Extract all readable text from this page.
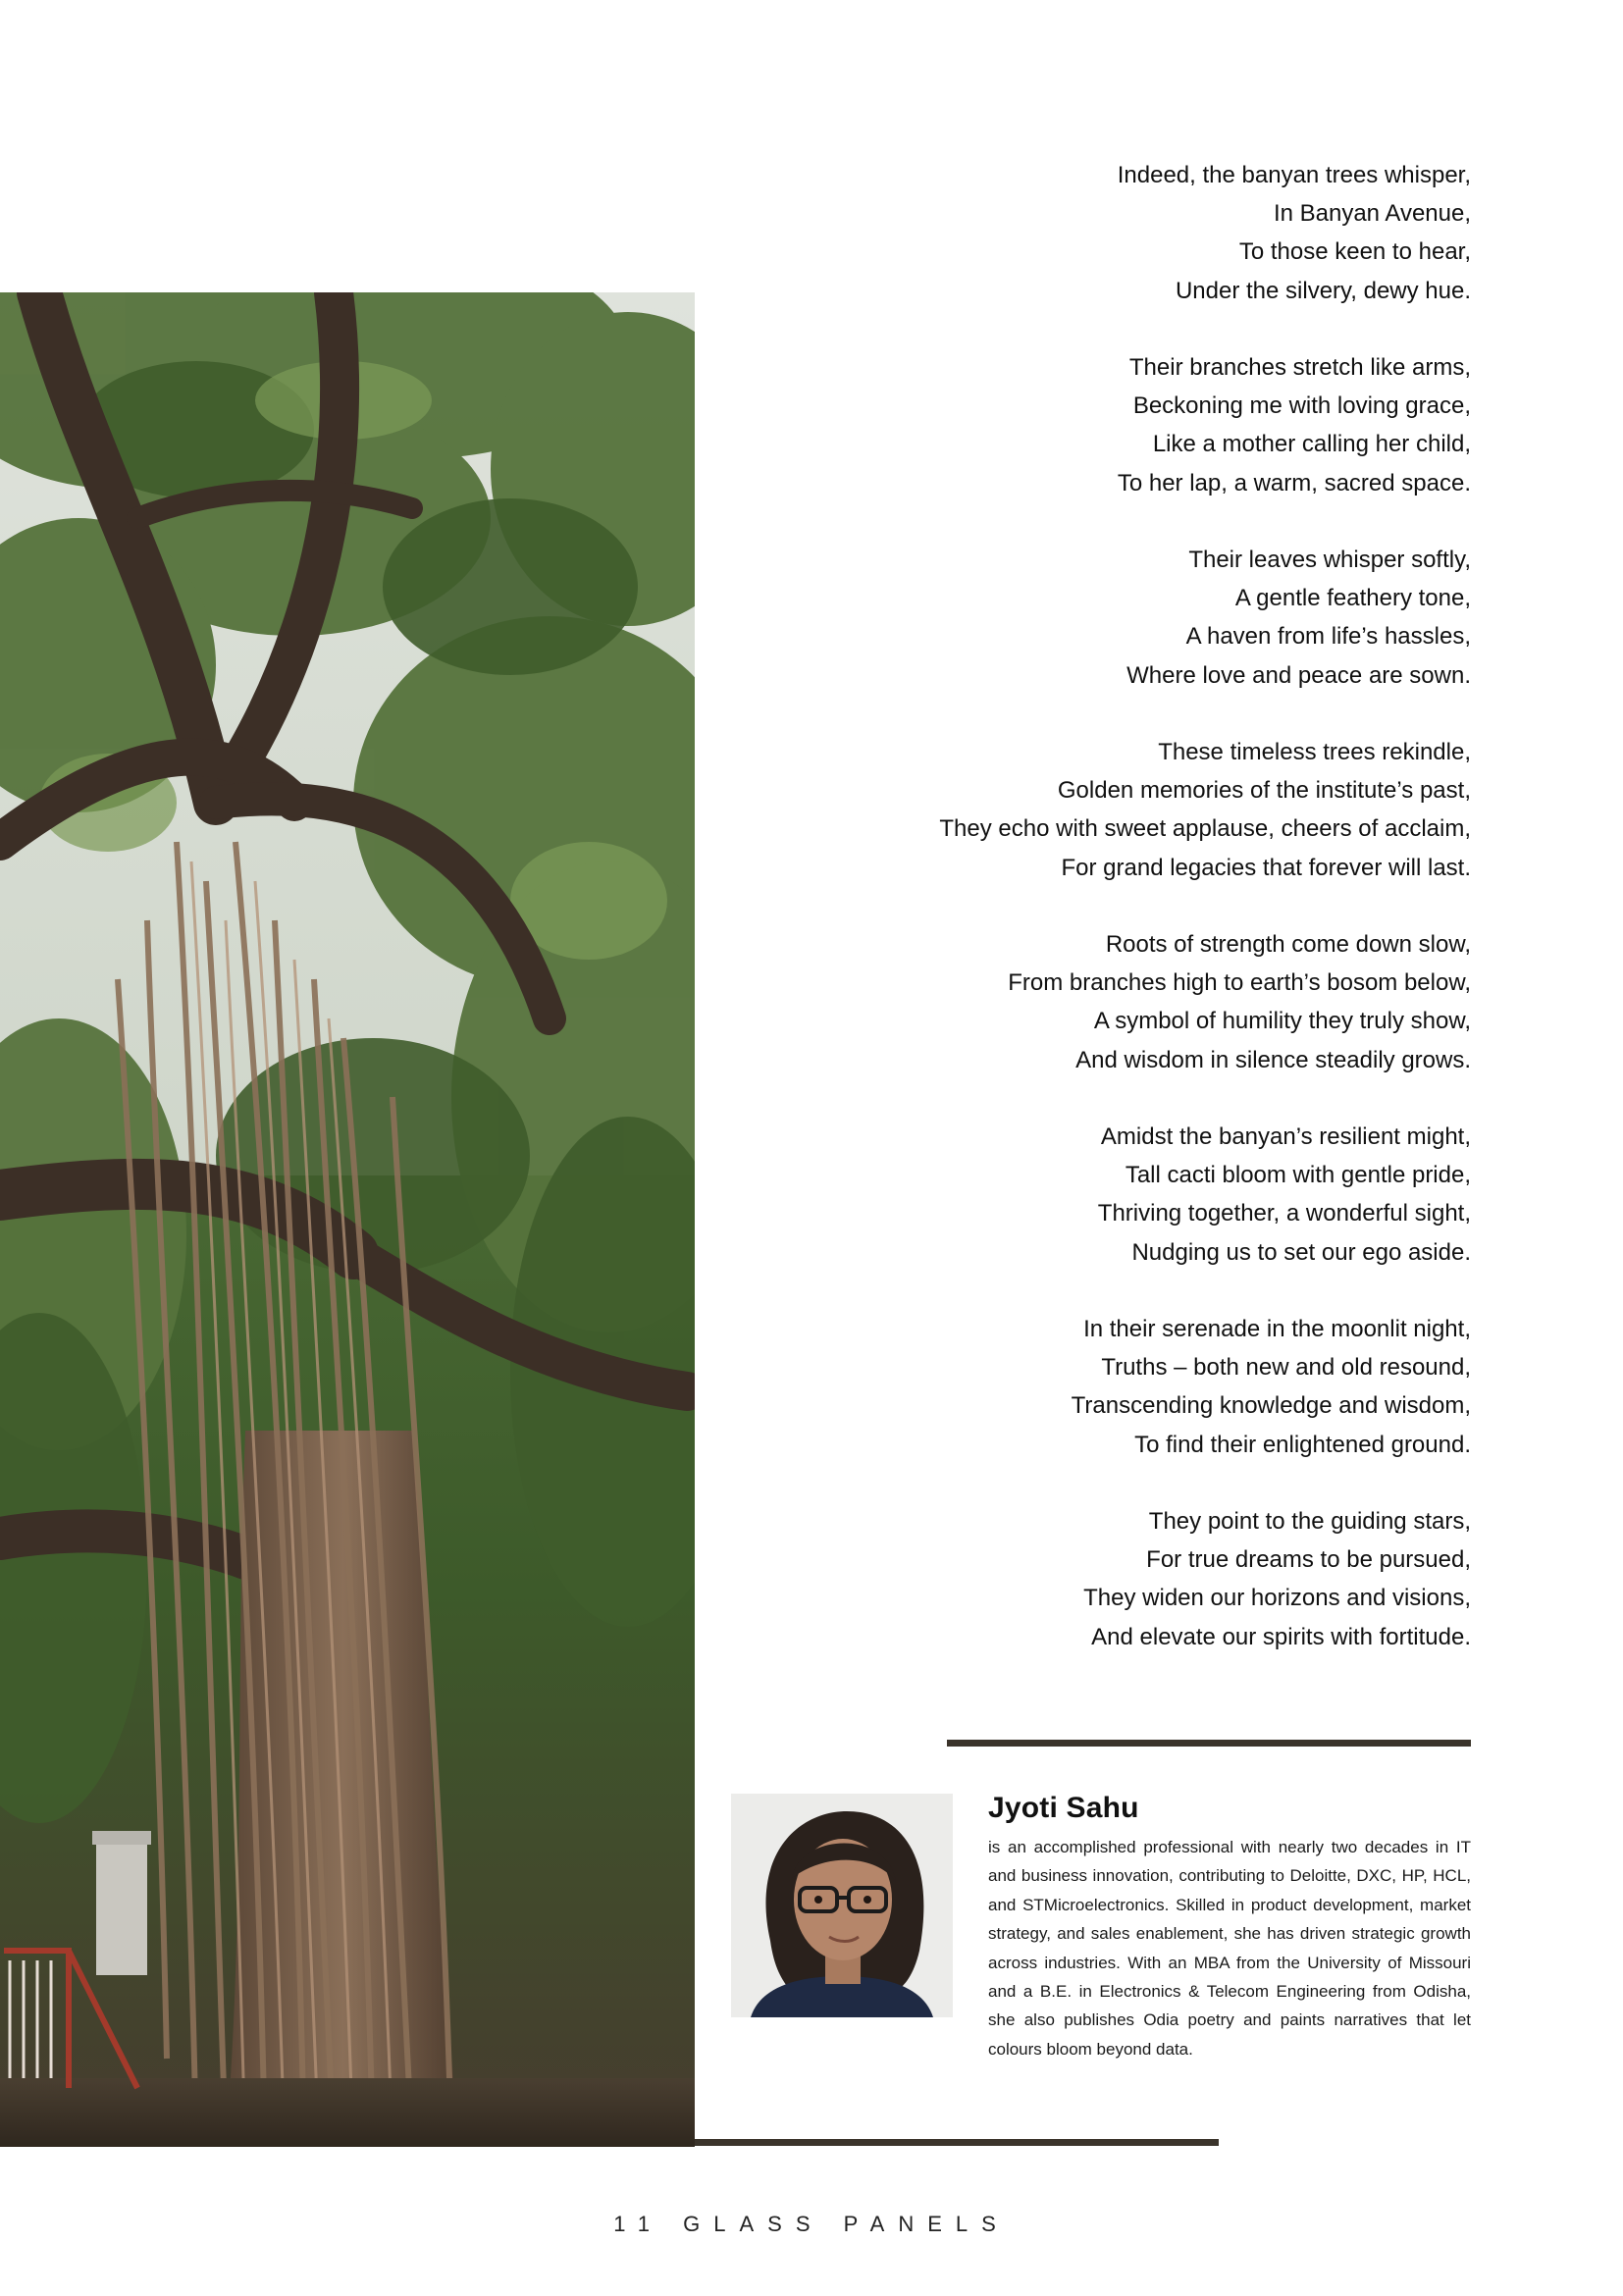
Indeed, the banyan trees whisper,
In Banyan Avenue,
To those keen to hear,
Under the silvery, dewy hue.
Their branches stretch like arms,
Beckoning me with loving grace,
Like a mother calling her child,
To her lap, a warm, sacred space.
Their leaves whisper softly,
A gentle feathery tone,
A haven from life’s hassles,
Where love and peace are sown.
These timeless trees rekindle,
Golden memories of the institute’s past,
They echo with sweet applause, cheers of acclaim,
For grand legacies that forever will last.
Roots of strength come down slow,
From branches high to earth’s bosom below,
A symbol of humility they truly show,
And wisdom in silence steadily grows.
Amidst the banyan’s resilient might,
Tall cacti bloom with gentle pride,
Thriving together, a wonderful sight,
Nudging us to set our ego aside.
In their serenade in the moonlit night,
Truths – both new and old resound,
Transcending knowledge and wisdom,
To find their enlightened ground.
They point to the guiding stars,
For true dreams to be pursued,
They widen our horizons and visions,
And elevate our spirits with fortitude.
Jyoti Sahu
is an accomplished professional with nearly two decades in IT and business innovation, contributing to Deloitte, DXC, HP, HCL, and STMicroelectronics. Skilled in product development, market strategy, and sales enablement, she has driven strategic growth across industries. With an MBA from the University of Missouri and a B.E. in Electronics & Telecom Engineering from Odisha, she also publishes Odia poetry and paints narratives that let colours bloom beyond data.
11 GLASS PANELS
